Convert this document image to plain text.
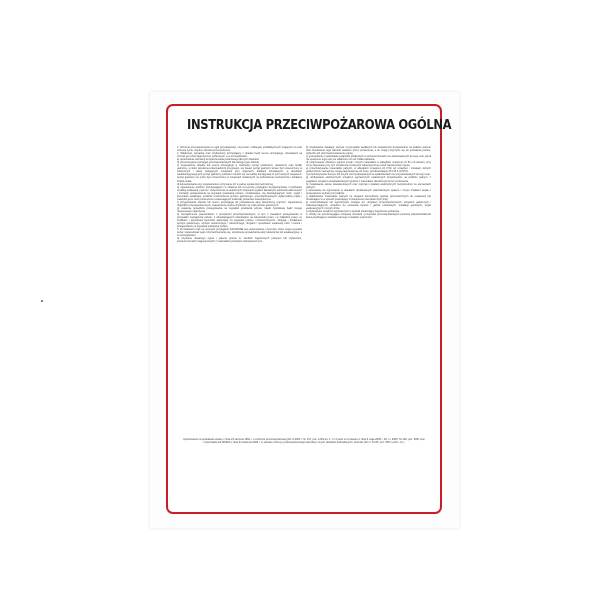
INSTRUKCJA PRZECIWPOŻAROWA OGÓLNA

1. Ochrona przeciwpożarowa to ogół przedsięwzięć, czynności i zabiegów profilaktycznych mających na celu ochronę życia, mienia i zdrowia przed pożarem.

2. Właściciel, zarządca oraz użytkownicy korzystający z obiektu będź terenu przyległego, obowiązani są chronić go przed zagrożeniem pożarowym, a w szczególności:

a) opracowanie instrukcji bezpieczeństwa pożarowego dla tych obiektów.

b) przestrzeganie wymagań przeciwpożarowych dla danego typu obiektu.

c) wyposażenie obiektu lub terenu przyległego w niezbędny sprzęt pożarniczy, ratowniczy oraz środki gaśnicze, w ilości określonej odpowiednimi przepisami, wg zasad: sprzęt gaśniczy winien być umieszczony w widocznych i łatwo dostępnych miejscach przy wyjściach, klatkach schodowych, w obiektach wielokondygnacyjnych sprzęt gaśniczy powinien mieścić się na każdej kondygnacji w tych samych miejscach, sprzęt gaśniczy nie może być umieszczony w miejscach narażonych na uszkodzenie mechaniczne i działanie źródeł ciepła.

d) konserwowanie wg. wyposażenia i utrzymanie ich w pełnej sprawności technicznej.

e) zapewnienie osobom przebywającym w obiekcie lub na terenie przyległym bezpieczeństwa i możliwości szybkiej ewakuacji, poprzez: umieszczenie w widocznych miejscach wykazu aktualnych telefonów alarmowych i instrukcji postępowania na wypadek powstania pożaru, oznakowanie, wg obowiązujących norm, wyjść i kierunków ewakuacji, punktów uruchomienia sprzętu gaśniczego, przeciwpożarowych wyłączników prądu i zaworów gazu oraz pomieszczeń zawierających materiały pożarowo niebezpieczne.

f) przygotowanie obiektu lub terenu przyległego do prowadzenia akcji ratowniczej, poprzez: zapewnienie dojazdów przeciwpożarowych, zaopatrzenie wodne (hydranty, itp.) dla potrzeb gaśniczych.

g) ustalenie sposobów postępowania na wypadek powstania pożaru, klęski żywiołowej bądź innego miejscowego zagrożenia.

h) zaznajomienie pracowników: z przepisami przeciwpożarowymi, w tym z zasadami postępowania w przypadku wystąpienia pożaru, z obowiązującymi instrukcjami na stanowisku pracy i w zakładzie pracy, ze środkami i sposobami łączności alarmowej na wypadek pożaru, rozmieszczeniem, obsługą i działaniem sprzętu gaśniczego, sprzętu pożarniczego i ratowniczego, drogami i sposobami ewakuacji ludzi i mienia i postępowaniu na wypadek powstania pożaru.

3. W obiektach oraz na terenach przyległych ZAKAZANE jest wykonywanie czynności, które mogą wywołać pożar, spowodować jego rozprzestrzenianie się, utrudnienie prowadzenia akcji ratowniczej lub ewakuacyjnej, a w szczególności:

a) używanie otwartego ognia i palenie tytoniu w: strefach zagrożonych pożarem lub wybuchem, pomieszczeniach magazynowych z materiałami pożarowo niebezpiecznymi.

b) użytkowanie instalacji, sprzętu i przyrządów wadliwych lub ustawionych bezpośrednio na podłożu palnym oraz stosowanie tego warunki ustalone przez producenta, o ile mogą przyczynić się do powstania pożaru, wybuchu lub rozprzestrzeniania się ognia.

c) gromadzenie i parkowanie pojazdów silnikowych w pomieszczeniach nie dostosowanych do tego celu, jeżeli nie spełniono tego celu nie odłączono ich od źródła zasilania.

d) rozgrzewanie otwartym ogniem smoły i innych materiałów w odległości mniejszej niż 5m od obiektu, przy czym stosowane przy tym urządzenia muszą być zabezpieczone przed zaprószeniem ognia.

e) przechowywanie materiałów palnych, w odległości mniejszej niż 0.5m od urządzeń i instalacji, których powierzchnie zewnętrzne mogą nagrzewać się do temp. przekraczającej 373.15 K (100°C).

f) przechowywanie benzyn lub innych cieczy łatwopalnych w opakowaniach nie przystosowanych do tego celu.

g) użytkowanie elektrycznych urządzeń ogrzewczych ustawionych bezpośrednio na podłożu palnym, z wyjątkiem urządzeń eksploatowanych zgodnie z warunkami określonymi przez producenta.

h) instalowanie opraw oświetleniowych oraz osprzętu instalacji elektrycznych bezpośrednio na elementach palnych.

i) stosowanie do ogrzewania w obiektach obudowanych paleniskowych opałem i innymi źródłami ciepła o temperaturze wyższej niż podłoże.

j) składowanie materiałów palnych na drogach komunikacji ogólnej przeznaczonych do ewakuacji lub utrudniające to w sposób powodujący zmniejszenie szerokości tych dróg.

k) uniemożliwianie lub ograniczanie dostępu do: urządzeń przeciwpożarowych, urządzeń gaśniczych i zabezpieczających, urządzeń do usuwania dymów i gazów pożarowych, instalacji gazowych, wyjść ewakuacyjnych i innych drzwi.

l) użytkowanie urządzeń ogrzewczych w sposób stwarzający zagrożenie pożarowe.

4. Osoby nie przestrzegające niniejszej instrukcji i przepisów przeciwpożarowych ponoszą odpowiedzialność karną wynikającą z kodeksu karnego i kodeksu wykroczeń.

Opracowano na podstawie ustawy z dnia 24 sierpnia 1991 r. o ochronie przeciwpożarowej (Dz.U.2002 r. Nr 147, poz. 1229 art. 1, 3 i 4 wraz ze zmianami z dnia 6 maja 2005 r. Dz. U. 2005, Nr 100, poz. 835) oraz rozporządzenia MSWiA z dnia 21 kwietnia 2006 r. w sprawie ochrony przeciwpożarowej budynków, innych obiektów budowlanych i terenów (Dz.U. Nr 80, poz. 563 z późn. zm.)
